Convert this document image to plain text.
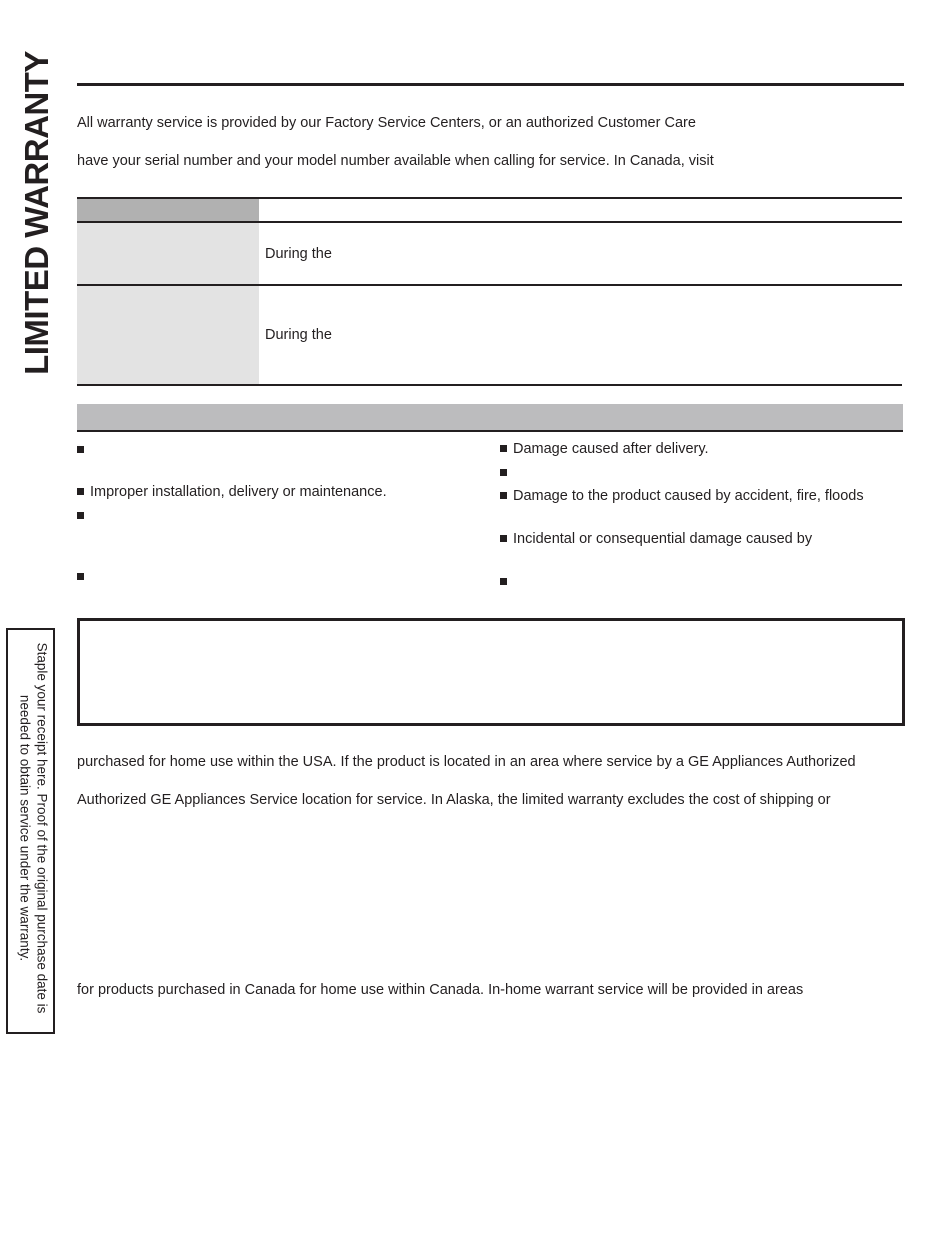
LIMITED WARRANTY All warranty service is provided by our Factory Service Centers, or an authorized Customer Care
have your serial number and your model number available when calling for service. In Canada, visit
During the
During the
Improper installation, delivery or maintenance.
Damage caused after delivery.
Damage to the product caused by accident, fire, floods
Incidental or consequential damage caused by
purchased for home use within the USA. If the product is located in an area where service by a GE Appliances Authorized
Authorized GE Appliances Service location for service. In Alaska, the limited warranty excludes the cost of shipping or
for products purchased in Canada for home use within Canada. In-home warrant service will be provided in areas
Staple your receipt here. Proof of the original purchase date is needed to obtain service under the warranty.
